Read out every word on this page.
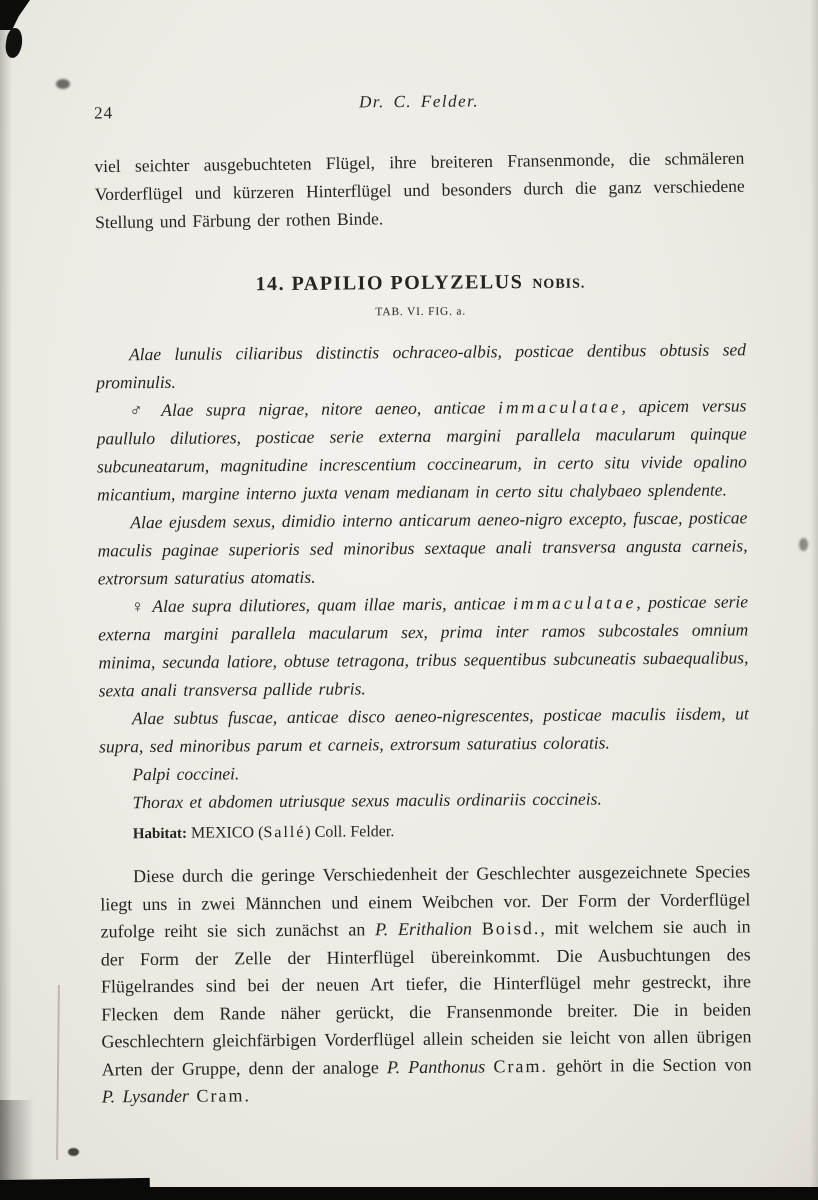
24
Dr. C. Felder.

viel seichter ausgebuchteten Flügel, ihre breiteren Fransenmonde, die schmäleren Vorderflügel und kürzeren Hinterflügel und besonders durch die ganz verschiedene Stellung und Färbung der rothen Binde.

14. PAPILIO POLYZELUS NOBIS.
TAB. VI. FIG. a.

Alae lunulis ciliaribus distinctis ochraceo-albis, posticae dentibus obtusis sed prominulis.

♂ Alae supra nigrae, nitore aeneo, anticae immaculatae, apicem versus paullulo dilutiores, posticae serie externa margini parallela macularum quinque subcuneatarum, magnitudine increscentium coccinearum, in certo situ vivide opalino micantium, margine interno juxta venam medianam in certo situ chalybaeo splendente.

Alae ejusdem sexus, dimidio interno anticarum aeneo-nigro excepto, fuscae, posticae maculis paginae superioris sed minoribus sextaque anali transversa angusta carneis, extrorsum saturatius atomatis.

♀ Alae supra dilutiores, quam illae maris, anticae immaculatae, posticae serie externa margini parallela macularum sex, prima inter ramos subcostales omnium minima, secunda latiore, obtuse tetragona, tribus sequentibus subcuneatis subaequalibus, sexta anali transversa pallide rubris.

Alae subtus fuscae, anticae disco aeneo-nigrescentes, posticae maculis iisdem, ut supra, sed minoribus parum et carneis, extrorsum saturatius coloratis.

Palpi coccinei.

Thorax et abdomen utriusque sexus maculis ordinariis coccineis.

Habitat: MEXICO (Sallé) Coll. Felder.

Diese durch die geringe Verschiedenheit der Geschlechter ausgezeichnete Species liegt uns in zwei Männchen und einem Weibchen vor. Der Form der Vorderflügel zufolge reiht sie sich zunächst an P. Erithalion Boisd., mit welchem sie auch in der Form der Zelle der Hinterflügel übereinkommt. Die Ausbuchtungen des Flügelrandes sind bei der neuen Art tiefer, die Hinterflügel mehr gestreckt, ihre Flecken dem Rande näher gerückt, die Fransenmonde breiter. Die in beiden Geschlechtern gleichfärbigen Vorderflügel allein scheiden sie leicht von allen übrigen Arten der Gruppe, denn der analoge P. Panthonus Cram. gehört in die Section von P. Lysander Cram.
